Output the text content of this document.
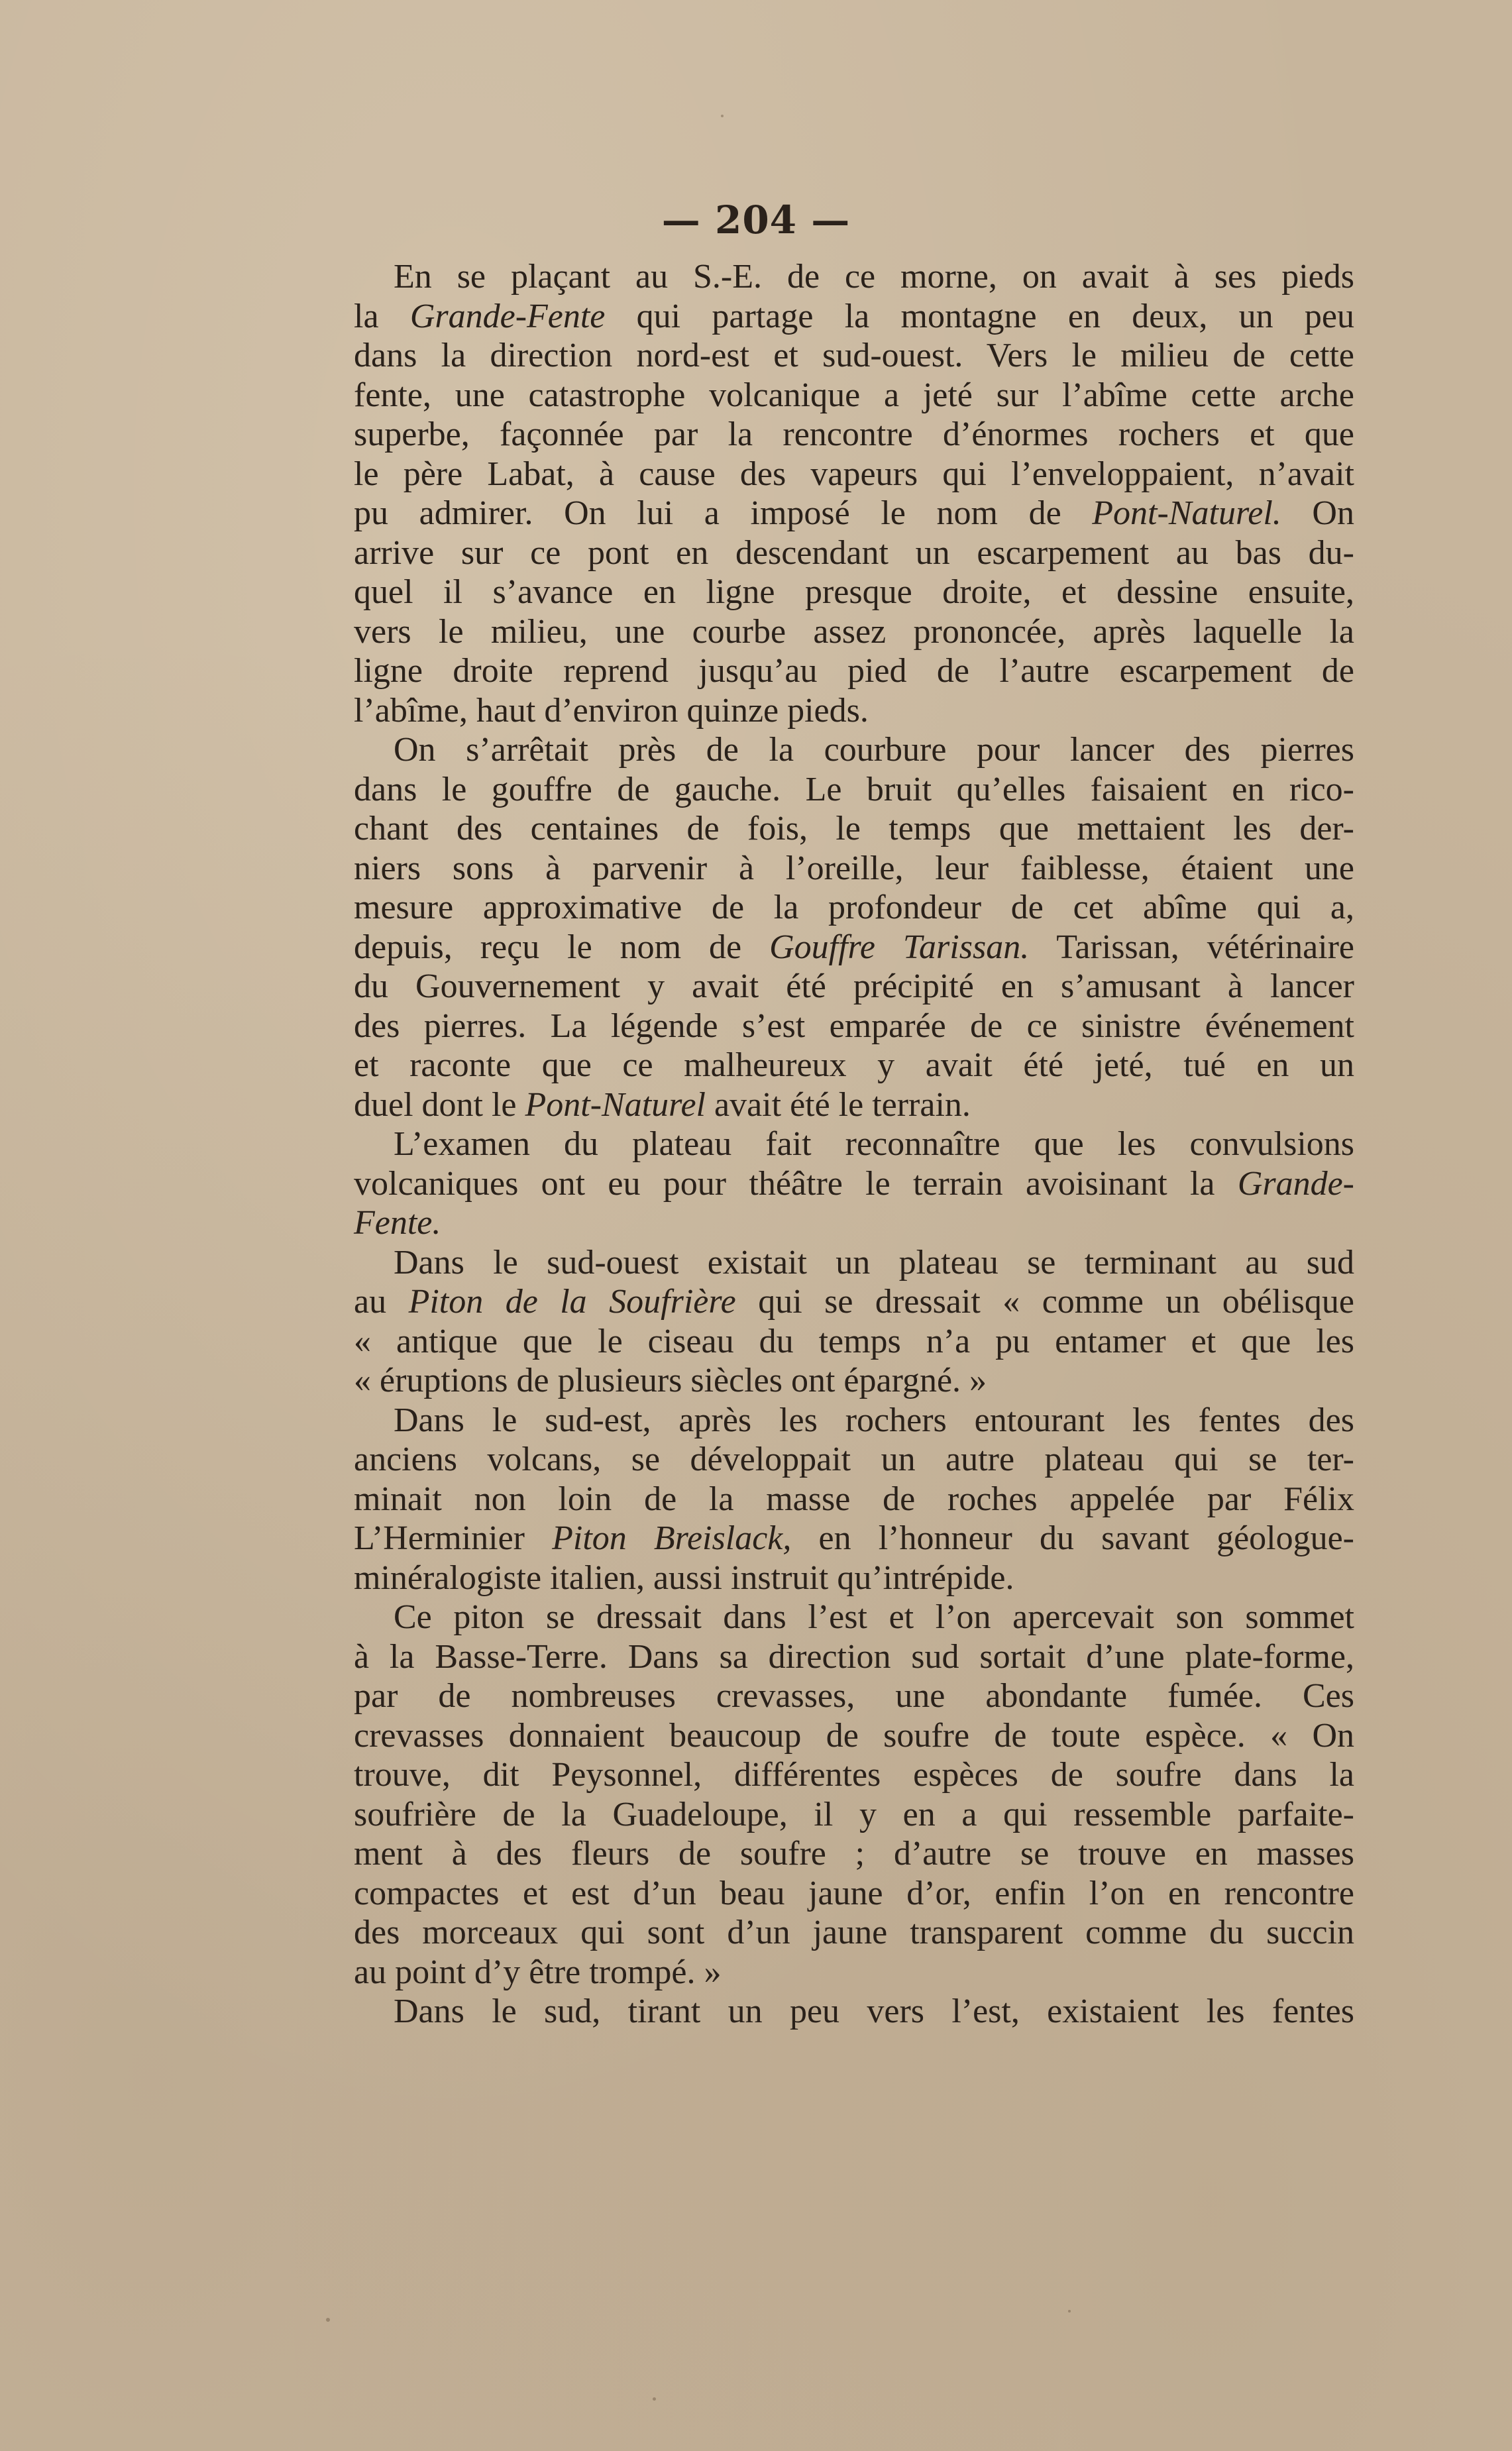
— 204 —
En se plaçant au S.-E. de ce morne, on avait à ses pieds
la Grande-Fente qui partage la montagne en deux, un peu
dans la direction nord-est et sud-ouest. Vers le milieu de cette
fente, une catastrophe volcanique a jeté sur l’abîme cette arche
superbe, façonnée par la rencontre d’énormes rochers et que
le père Labat, à cause des vapeurs qui l’enveloppaient, n’avait
pu admirer. On lui a imposé le nom de Pont-Naturel. On
arrive sur ce pont en descendant un escarpement au bas du-
quel il s’avance en ligne presque droite, et dessine ensuite,
vers le milieu, une courbe assez prononcée, après laquelle la
ligne droite reprend jusqu’au pied de l’autre escarpement de
l’abîme, haut d’environ quinze pieds.
On s’arrêtait près de la courbure pour lancer des pierres
dans le gouffre de gauche. Le bruit qu’elles faisaient en rico-
chant des centaines de fois, le temps que mettaient les der-
niers sons à parvenir à l’oreille, leur faiblesse, étaient une
mesure approximative de la profondeur de cet abîme qui a,
depuis, reçu le nom de Gouffre Tarissan. Tarissan, vétérinaire
du Gouvernement y avait été précipité en s’amusant à lancer
des pierres. La légende s’est emparée de ce sinistre événement
et raconte que ce malheureux y avait été jeté, tué en un
duel dont le Pont-Naturel avait été le terrain.
L’examen du plateau fait reconnaître que les convulsions
volcaniques ont eu pour théâtre le terrain avoisinant la Grande-
Fente.
Dans le sud-ouest existait un plateau se terminant au sud
au Piton de la Soufrière qui se dressait « comme un obélisque
« antique que le ciseau du temps n’a pu entamer et que les
« éruptions de plusieurs siècles ont épargné. »
Dans le sud-est, après les rochers entourant les fentes des
anciens volcans, se développait un autre plateau qui se ter-
minait non loin de la masse de roches appelée par Félix
L’Herminier Piton Breislack, en l’honneur du savant géologue-
minéralogiste italien, aussi instruit qu’intrépide.
Ce piton se dressait dans l’est et l’on apercevait son sommet
à la Basse-Terre. Dans sa direction sud sortait d’une plate-forme,
par de nombreuses crevasses, une abondante fumée. Ces
crevasses donnaient beaucoup de soufre de toute espèce. « On
trouve, dit Peysonnel, différentes espèces de soufre dans la
soufrière de la Guadeloupe, il y en a qui ressemble parfaite-
ment à des fleurs de soufre ; d’autre se trouve en masses
compactes et est d’un beau jaune d’or, enfin l’on en rencontre
des morceaux qui sont d’un jaune transparent comme du succin
au point d’y être trompé. »
Dans le sud, tirant un peu vers l’est, existaient les fentes
